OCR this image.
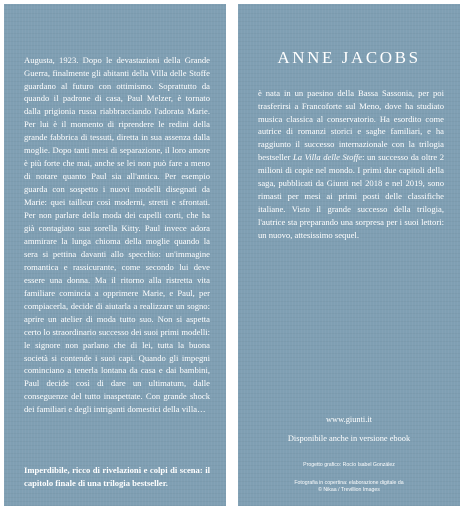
Augusta, 1923. Dopo le devastazioni della Grande Guerra, finalmente gli abitanti della Villa delle Stoffe guardano al futuro con ottimismo. Soprattutto da quando il padrone di casa, Paul Melzer, è tornato dalla prigionia russa riabbracciando l'adorata Marie. Per lui è il momento di riprendere le redini della grande fabbrica di tessuti, diretta in sua assenza dalla moglie. Dopo tanti mesi di separazione, il loro amore è più forte che mai, anche se lei non può fare a meno di notare quanto Paul sia all'antica. Per esempio guarda con sospetto i nuovi modelli disegnati da Marie: quei tailleur così moderni, stretti e sfrontati. Per non parlare della moda dei capelli corti, che ha già contagiato sua sorella Kitty. Paul invece adora ammirare la lunga chioma della moglie quando la sera si pettina davanti allo specchio: un'immagine romantica e rassicurante, come secondo lui deve essere una donna. Ma il ritorno alla ristretta vita familiare comincia a opprimere Marie, e Paul, per compiacerla, decide di aiutarla a realizzare un sogno: aprire un atelier di moda tutto suo. Non si aspetta certo lo straordinario successo dei suoi primi modelli: le signore non parlano che di lei, tutta la buona società si contende i suoi capi. Quando gli impegni cominciano a tenerla lontana da casa e dai bambini, Paul decide così di dare un ultimatum, dalle conseguenze del tutto inaspettate. Con grande shock dei familiari e degli intriganti domestici della villa…

Imperdibile, ricco di rivelazioni e colpi di scena: il capitolo finale di una trilogia bestseller.

ANNE JACOBS

è nata in un paesino della Bassa Sassonia, per poi trasferirsi a Francoforte sul Meno, dove ha studiato musica classica al conservatorio. Ha esordito come autrice di romanzi storici e saghe familiari, e ha raggiunto il successo internazionale con la trilogia bestseller La Villa delle Stoffe: un successo da oltre 2 milioni di copie nel mondo. I primi due capitoli della saga, pubblicati da Giunti nel 2018 e nel 2019, sono rimasti per mesi ai primi posti delle classifiche italiane. Visto il grande successo della trilogia, l'autrice sta preparando una sorpresa per i suoi lettori: un nuovo, attesissimo sequel.

www.giunti.it
Disponibile anche in versione ebook
Progetto grafico: Rocío Isabel González
Fotografia in copertina: elaborazione digitale da
© Nikaa / Trevillion Images
